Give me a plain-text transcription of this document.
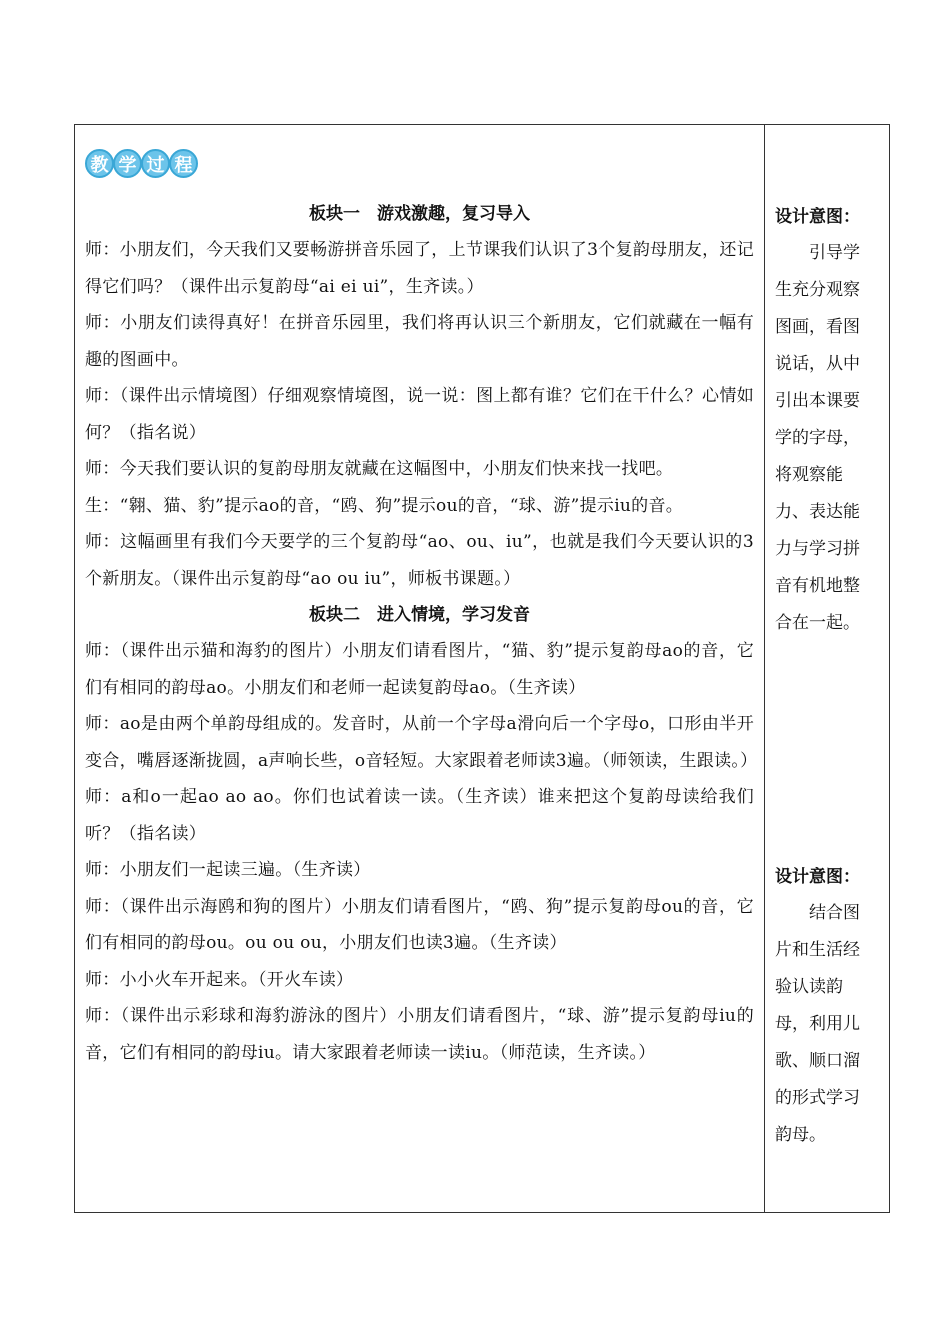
教 学 过 程
板块一　游戏激趣，复习导入

师：小朋友们，今天我们又要畅游拼音乐园了，上节课我们认识了3个复韵母朋友，还记得它们吗？（课件出示复韵母“ai ei ui”，生齐读。）

师：小朋友们读得真好！在拼音乐园里，我们将再认识三个新朋友，它们就藏在一幅有趣的图画中。

师：（课件出示情境图）仔细观察情境图，说一说：图上都有谁？它们在干什么？心情如何？（指名说）

师：今天我们要认识的复韵母朋友就藏在这幅图中，小朋友们快来找一找吧。

生：“翱、猫、豹”提示ao的音，“鸥、狗”提示ou的音，“球、游”提示iu的音。

师：这幅画里有我们今天要学的三个复韵母“ao、ou、iu”，也就是我们今天要认识的3个新朋友。（课件出示复韵母“ao ou iu”，师板书课题。）

板块二　进入情境，学习发音

师：（课件出示猫和海豹的图片）小朋友们请看图片，“猫、豹”提示复韵母ao的音，它们有相同的韵母ao。小朋友们和老师一起读复韵母ao。（生齐读）

师：ao是由两个单韵母组成的。发音时，从前一个字母a滑向后一个字母o，口形由半开变合，嘴唇逐渐拢圆，a声响长些，o音轻短。大家跟着老师读3遍。（师领读，生跟读。）

师：a和o一起ao ao ao。你们也试着读一读。（生齐读）谁来把这个复韵母读给我们听？（指名读）

师：小朋友们一起读三遍。（生齐读）

师：（课件出示海鸥和狗的图片）小朋友们请看图片，“鸥、狗”提示复韵母ou的音，它们有相同的韵母ou。ou ou ou，小朋友们也读3遍。（生齐读）

师：小小火车开起来。（开火车读）

师：（课件出示彩球和海豹游泳的图片）小朋友们请看图片，“球、游”提示复韵母iu的音，它们有相同的韵母iu。请大家跟着老师读一读iu。（师范读，生齐读。）

设计意图：

引导学生充分观察图画，看图说话，从中引出本课要学的字母，将观察能力、表达能力与学习拼音有机地整合在一起。

设计意图：

结合图片和生活经验认读韵母，利用儿歌、顺口溜的形式学习韵母。
